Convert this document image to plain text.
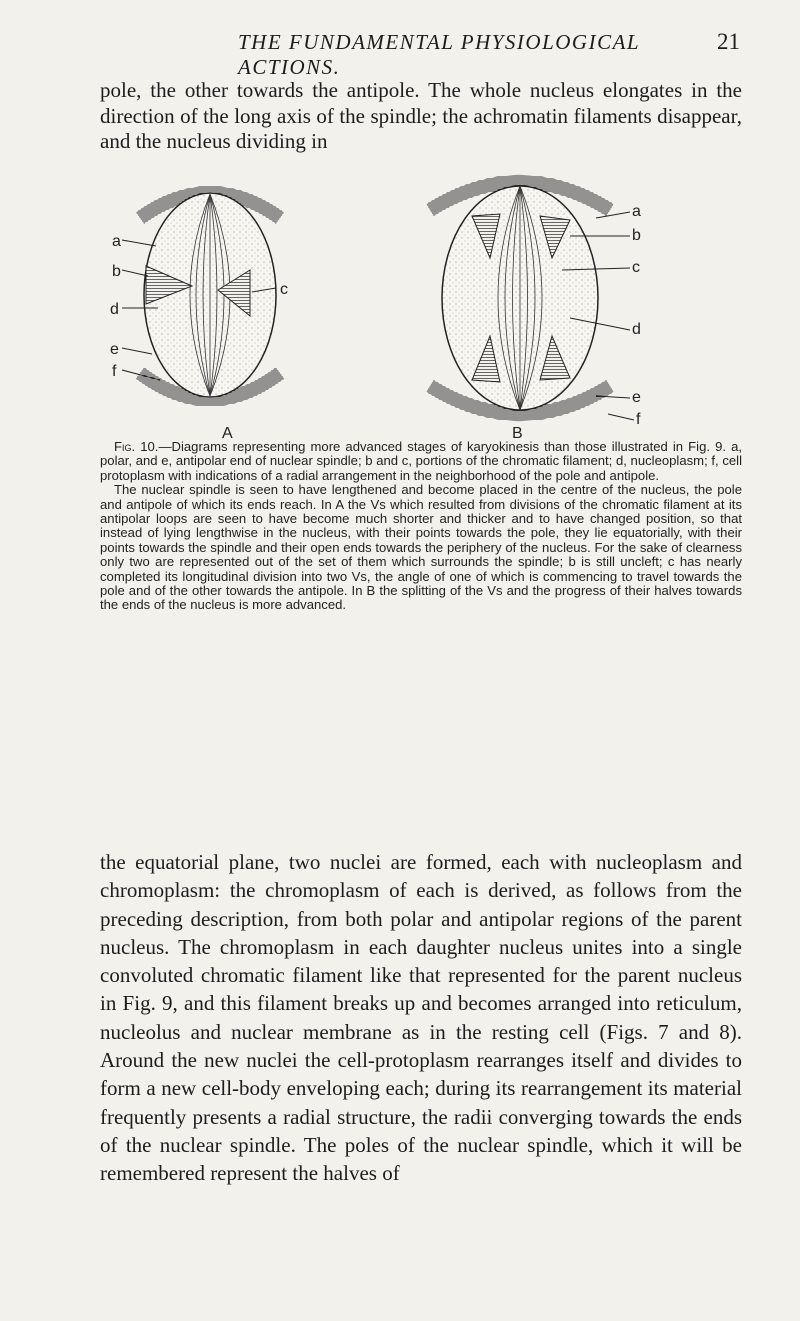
THE FUNDAMENTAL PHYSIOLOGICAL ACTIONS.
21

pole, the other towards the antipole. The whole nucleus elongates in the direction of the long axis of the spindle; the achromatin filaments disappear, and the nucleus dividing in

a
b
c
d
e
f
A
a
b
c
d
e
f
B

Fig. 10.—Diagrams representing more advanced stages of karyokinesis than those illustrated in Fig. 9. a, polar, and e, antipolar end of nuclear spindle; b and c, portions of the chromatic filament; d, nucleoplasm; f, cell protoplasm with indications of a radial arrangement in the neighborhood of the pole and antipole.

The nuclear spindle is seen to have lengthened and become placed in the centre of the nucleus, the pole and antipole of which its ends reach. In A the Vs which resulted from divisions of the chromatic filament at its antipolar loops are seen to have become much shorter and thicker and to have changed position, so that instead of lying lengthwise in the nucleus, with their points towards the pole, they lie equatorially, with their points towards the spindle and their open ends towards the periphery of the nucleus. For the sake of clearness only two are represented out of the set of them which surrounds the spindle; b is still uncleft; c has nearly completed its longitudinal division into two Vs, the angle of one of which is commencing to travel towards the pole and of the other towards the antipole. In B the splitting of the Vs and the progress of their halves towards the ends of the nucleus is more advanced.

the equatorial plane, two nuclei are formed, each with nucleoplasm and chromoplasm: the chromoplasm of each is derived, as follows from the preceding description, from both polar and antipolar regions of the parent nucleus. The chromoplasm in each daughter nucleus unites into a single convoluted chromatic filament like that represented for the parent nucleus in Fig. 9, and this filament breaks up and becomes arranged into reticulum, nucleolus and nuclear membrane as in the resting cell (Figs. 7 and 8). Around the new nuclei the cell-protoplasm rearranges itself and divides to form a new cell-body enveloping each; during its rearrangement its material frequently presents a radial structure, the radii converging towards the ends of the nuclear spindle. The poles of the nuclear spindle, which it will be remembered represent the halves of
